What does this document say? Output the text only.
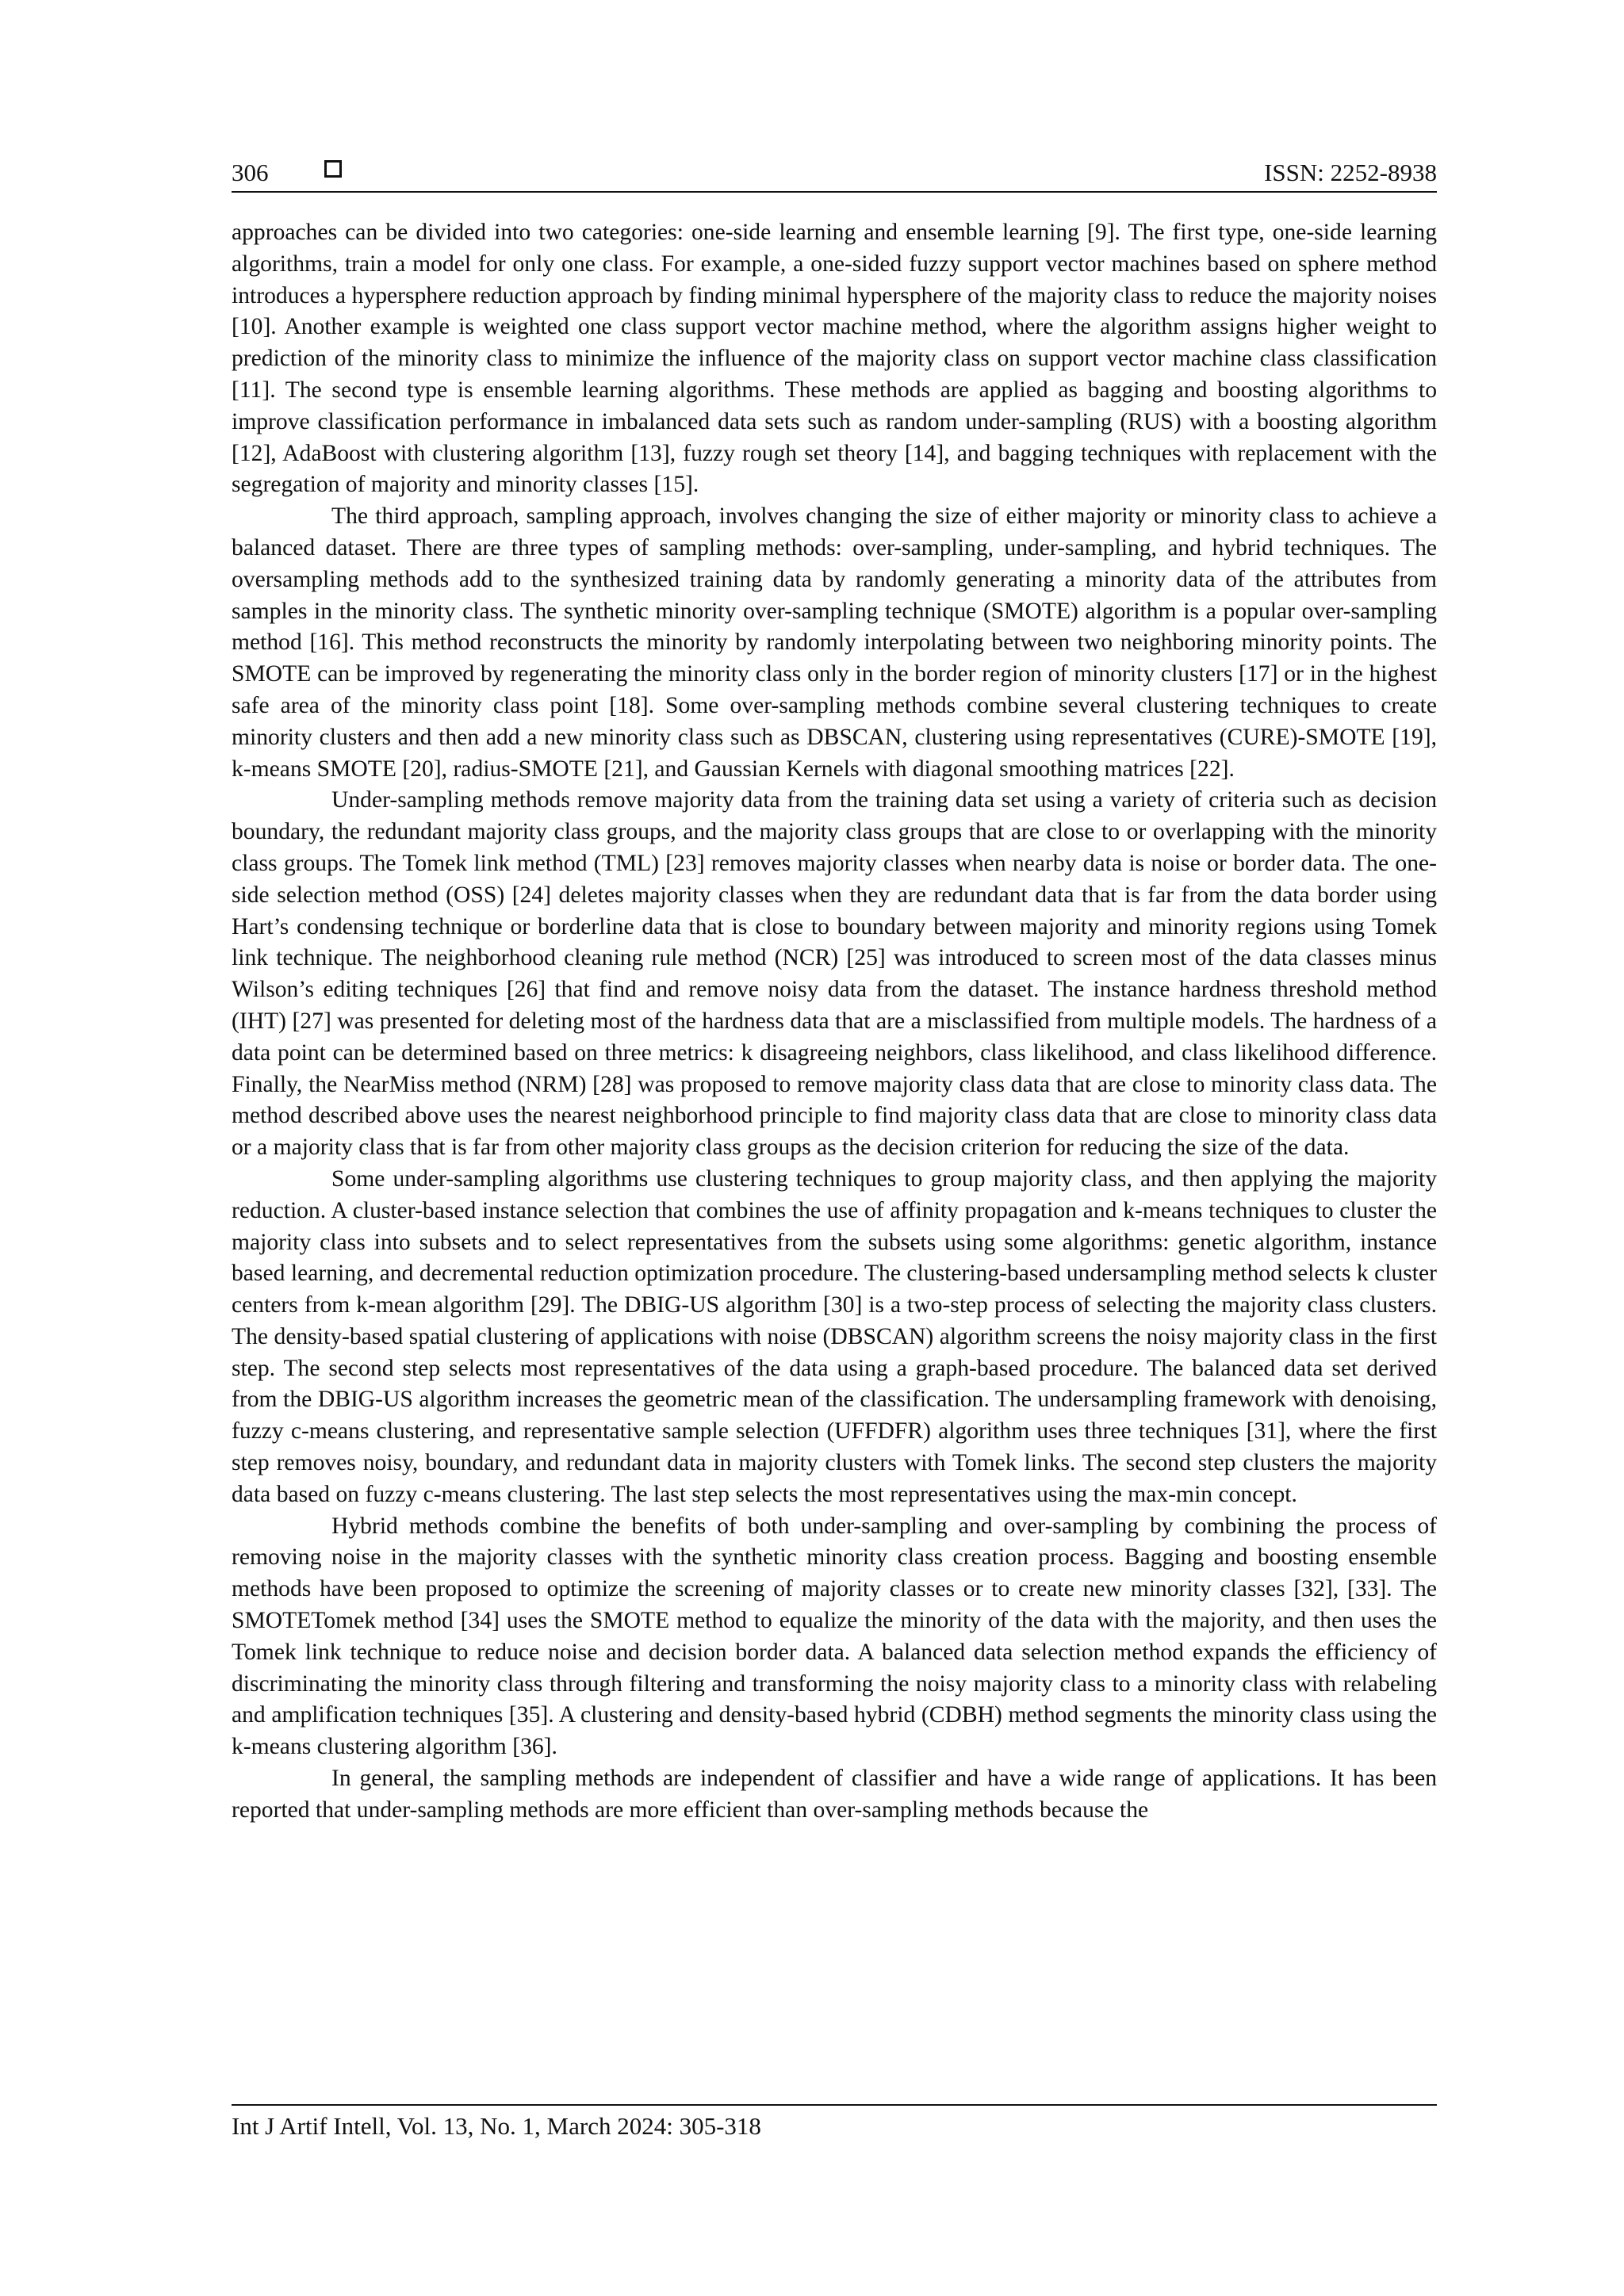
306	ISSN: 2252-8938

approaches can be divided into two categories: one-side learning and ensemble learning [9]. The first type, one-side learning algorithms, train a model for only one class. For example, a one-sided fuzzy support vector machines based on sphere method introduces a hypersphere reduction approach by finding minimal hypersphere of the majority class to reduce the majority noises [10]. Another example is weighted one class support vector machine method, where the algorithm assigns higher weight to prediction of the minority class to minimize the influence of the majority class on support vector machine class classification [11]. The second type is ensemble learning algorithms. These methods are applied as bagging and boosting algorithms to improve classification performance in imbalanced data sets such as random under-sampling (RUS) with a boosting algorithm [12], AdaBoost with clustering algorithm [13], fuzzy rough set theory [14], and bagging techniques with replacement with the segregation of majority and minority classes [15].

The third approach, sampling approach, involves changing the size of either majority or minority class to achieve a balanced dataset. There are three types of sampling methods: over-sampling, under-sampling, and hybrid techniques. The oversampling methods add to the synthesized training data by randomly generating a minority data of the attributes from samples in the minority class. The synthetic minority over-sampling technique (SMOTE) algorithm is a popular over-sampling method [16]. This method reconstructs the minority by randomly interpolating between two neighboring minority points. The SMOTE can be improved by regenerating the minority class only in the border region of minority clusters [17] or in the highest safe area of the minority class point [18]. Some over-sampling methods combine several clustering techniques to create minority clusters and then add a new minority class such as DBSCAN, clustering using representatives (CURE)-SMOTE [19], k-means SMOTE [20], radius-SMOTE [21], and Gaussian Kernels with diagonal smoothing matrices [22].

Under-sampling methods remove majority data from the training data set using a variety of criteria such as decision boundary, the redundant majority class groups, and the majority class groups that are close to or overlapping with the minority class groups. The Tomek link method (TML) [23] removes majority classes when nearby data is noise or border data. The one-side selection method (OSS) [24] deletes majority classes when they are redundant data that is far from the data border using Hart’s condensing technique or borderline data that is close to boundary between majority and minority regions using Tomek link technique. The neighborhood cleaning rule method (NCR) [25] was introduced to screen most of the data classes minus Wilson’s editing techniques [26] that find and remove noisy data from the dataset. The instance hardness threshold method (IHT) [27] was presented for deleting most of the hardness data that are a misclassified from multiple models. The hardness of a data point can be determined based on three metrics: k disagreeing neighbors, class likelihood, and class likelihood difference. Finally, the NearMiss method (NRM) [28] was proposed to remove majority class data that are close to minority class data. The method described above uses the nearest neighborhood principle to find majority class data that are close to minority class data or a majority class that is far from other majority class groups as the decision criterion for reducing the size of the data.

Some under-sampling algorithms use clustering techniques to group majority class, and then applying the majority reduction. A cluster-based instance selection that combines the use of affinity propagation and k-means techniques to cluster the majority class into subsets and to select representatives from the subsets using some algorithms: genetic algorithm, instance based learning, and decremental reduction optimization procedure. The clustering-based undersampling method selects k cluster centers from k-mean algorithm [29]. The DBIG-US algorithm [30] is a two-step process of selecting the majority class clusters. The density-based spatial clustering of applications with noise (DBSCAN) algorithm screens the noisy majority class in the first step. The second step selects most representatives of the data using a graph-based procedure. The balanced data set derived from the DBIG-US algorithm increases the geometric mean of the classification. The undersampling framework with denoising, fuzzy c-means clustering, and representative sample selection (UFFDFR) algorithm uses three techniques [31], where the first step removes noisy, boundary, and redundant data in majority clusters with Tomek links. The second step clusters the majority data based on fuzzy c-means clustering. The last step selects the most representatives using the max-min concept.

Hybrid methods combine the benefits of both under-sampling and over-sampling by combining the process of removing noise in the majority classes with the synthetic minority class creation process. Bagging and boosting ensemble methods have been proposed to optimize the screening of majority classes or to create new minority classes [32], [33]. The SMOTETomek method [34] uses the SMOTE method to equalize the minority of the data with the majority, and then uses the Tomek link technique to reduce noise and decision border data. A balanced data selection method expands the efficiency of discriminating the minority class through filtering and transforming the noisy majority class to a minority class with relabeling and amplification techniques [35]. A clustering and density-based hybrid (CDBH) method segments the minority class using the k-means clustering algorithm [36].

In general, the sampling methods are independent of classifier and have a wide range of applications. It has been reported that under-sampling methods are more efficient than over-sampling methods because the

Int J Artif Intell, Vol. 13, No. 1, March 2024: 305-318
